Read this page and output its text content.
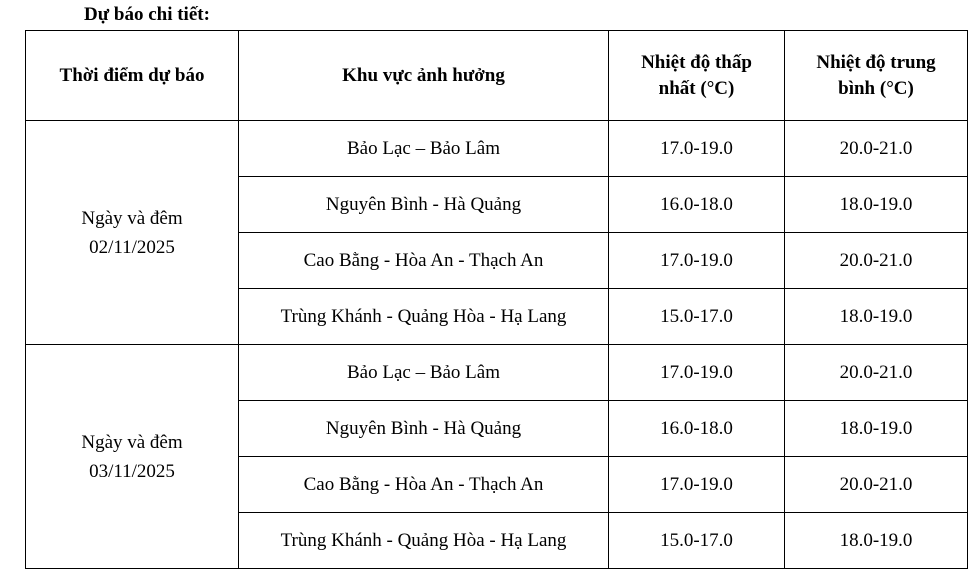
Dự báo chi tiết:
Thời điểm dự báo	Khu vực ảnh hưởng	Nhiệt độ thấp
nhất (°C)	Nhiệt độ trung
bình (°C)

Ngày và đêm
02/11/2025	Bảo Lạc – Bảo Lâm	17.0-19.0	20.0-21.0
	Nguyên Bình - Hà Quảng	16.0-18.0	18.0-19.0
	Cao Bằng - Hòa An - Thạch An	17.0-19.0	20.0-21.0
	Trùng Khánh - Quảng Hòa - Hạ Lang	15.0-17.0	18.0-19.0

Ngày và đêm
03/11/2025	Bảo Lạc – Bảo Lâm	17.0-19.0	20.0-21.0
	Nguyên Bình - Hà Quảng	16.0-18.0	18.0-19.0
	Cao Bằng - Hòa An - Thạch An	17.0-19.0	20.0-21.0
	Trùng Khánh - Quảng Hòa - Hạ Lang	15.0-17.0	18.0-19.0
